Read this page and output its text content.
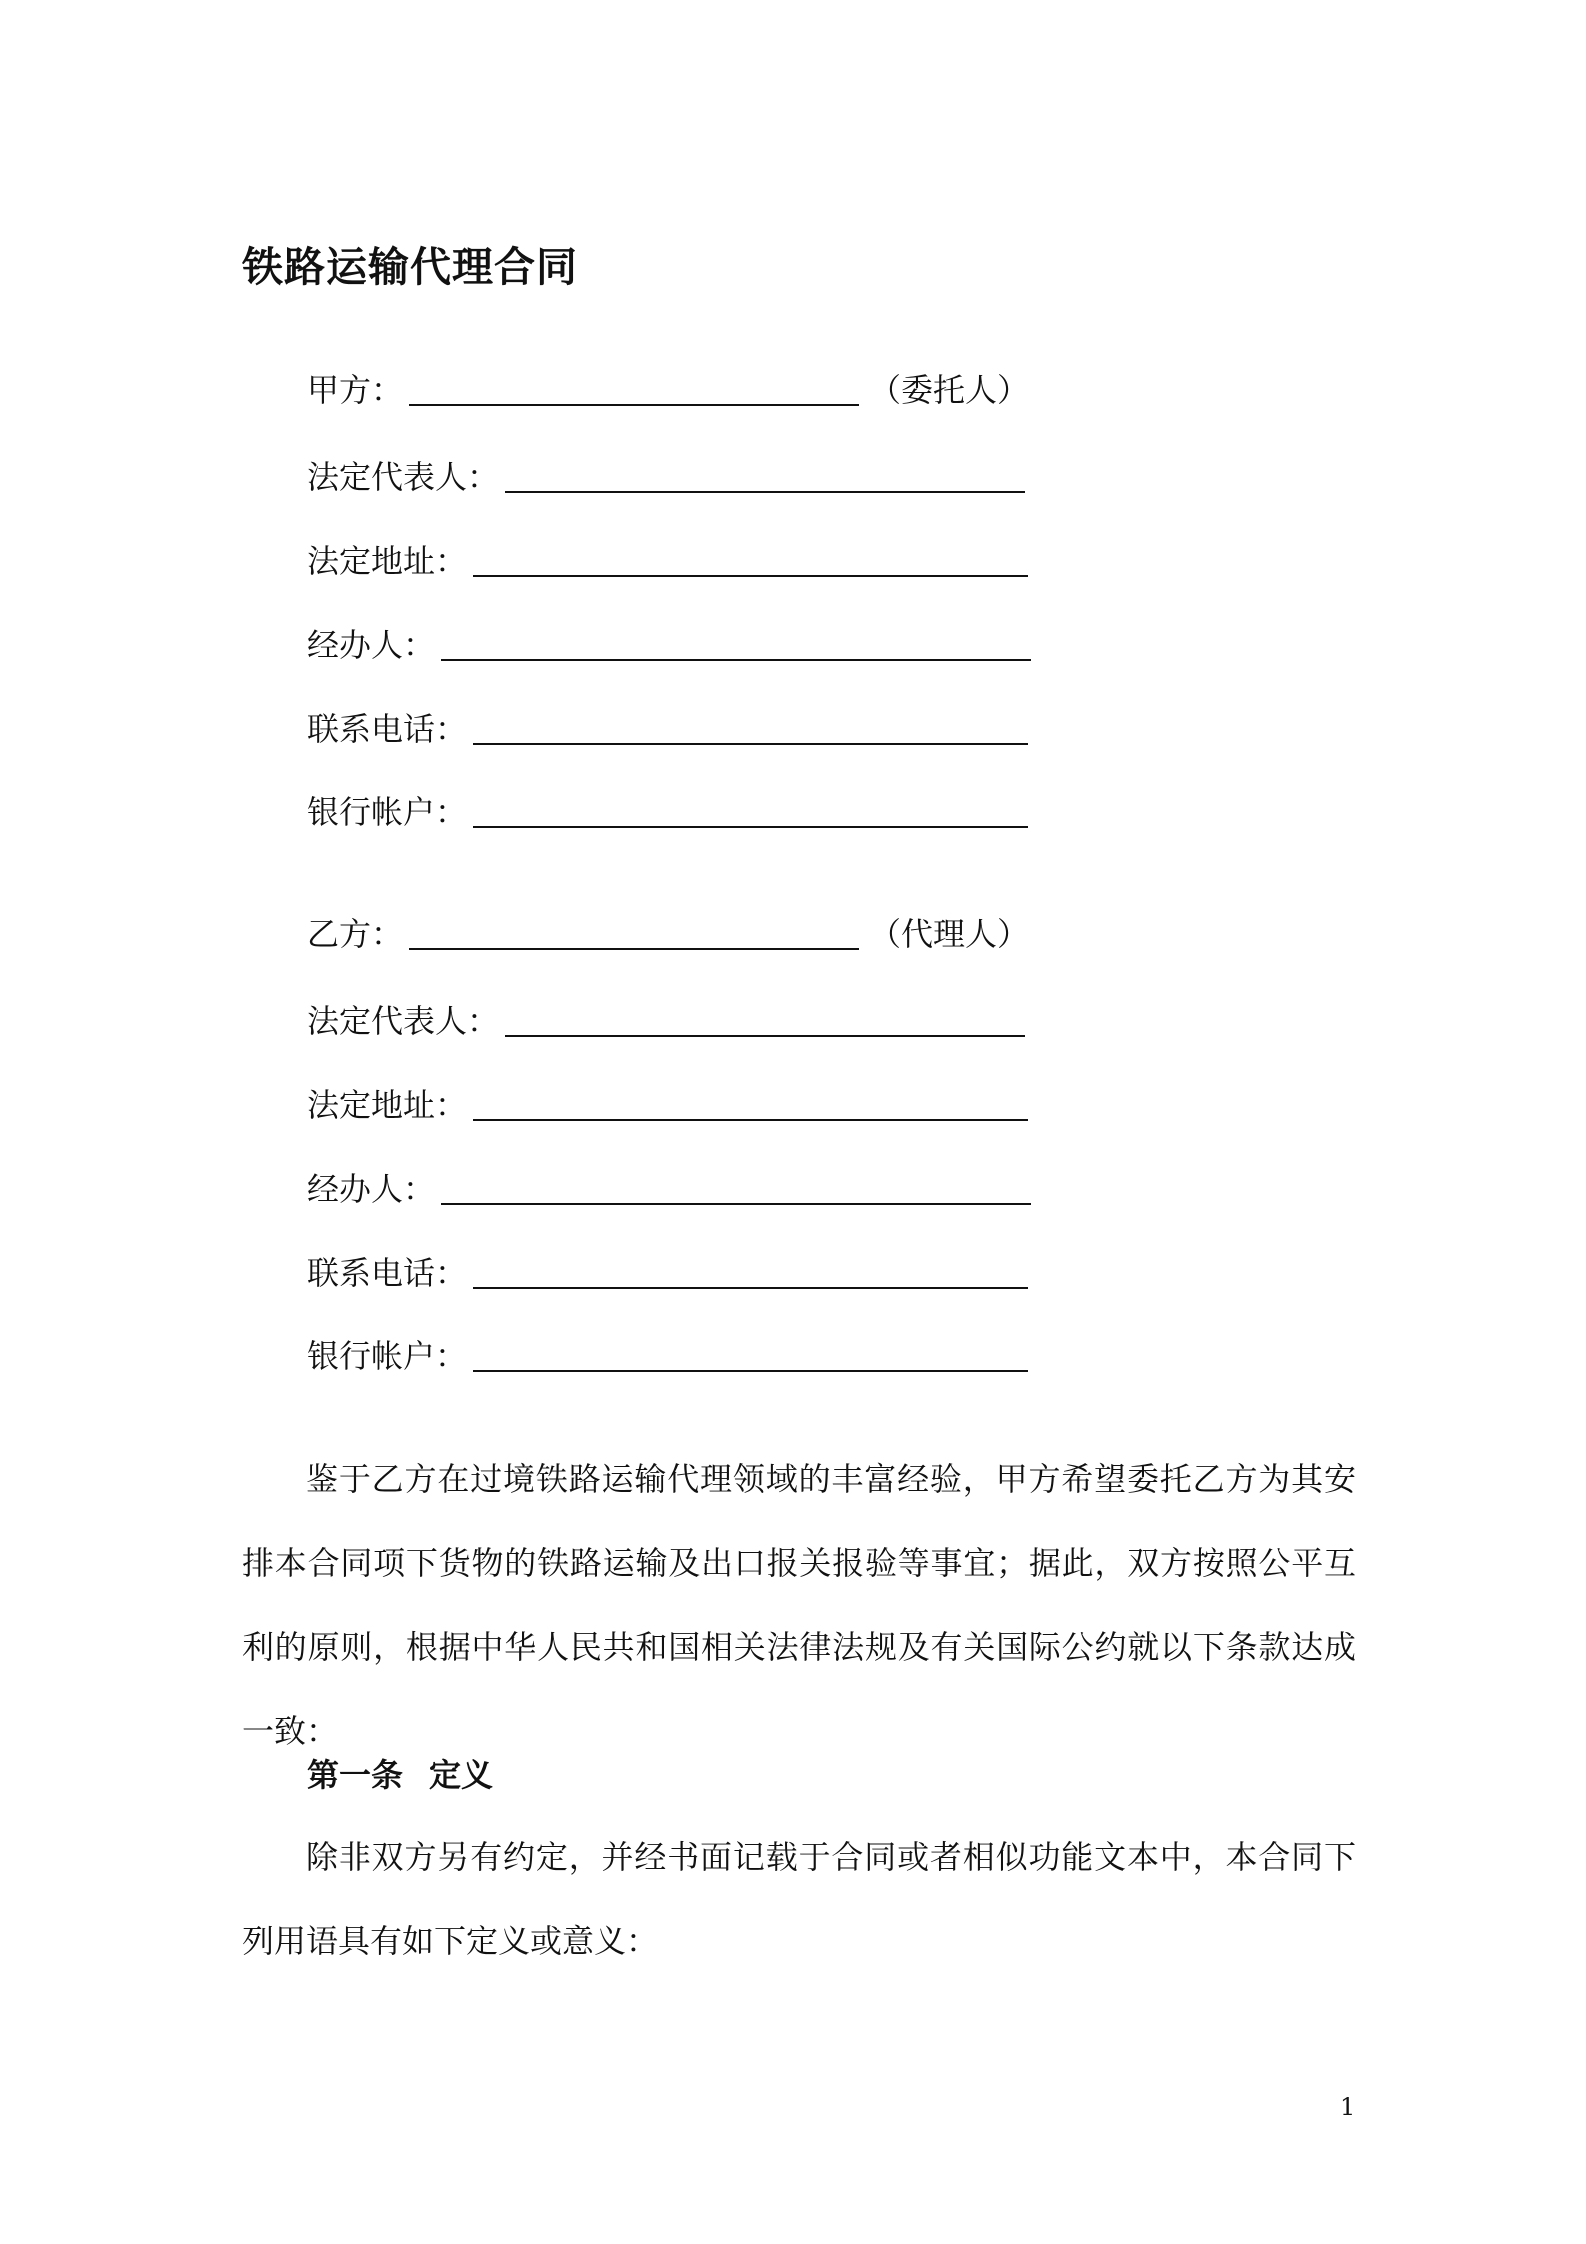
铁路运输代理合同
甲方：	（委托人）
法定代表人：
法定地址：
经办人：
联系电话：
银行帐户：
乙方：	（代理人）
法定代表人：
法定地址：
经办人：
联系电话：
银行帐户：
鉴于乙方在过境铁路运输代理领域的丰富经验，甲方希望委托乙方为其安排本合同项下货物的铁路运输及出口报关报验等事宜；据此，双方按照公平互利的原则，根据中华人民共和国相关法律法规及有关国际公约就以下条款达成一致：
第一条 定义
除非双方另有约定，并经书面记载于合同或者相似功能文本中，本合同下列用语具有如下定义或意义：
1
